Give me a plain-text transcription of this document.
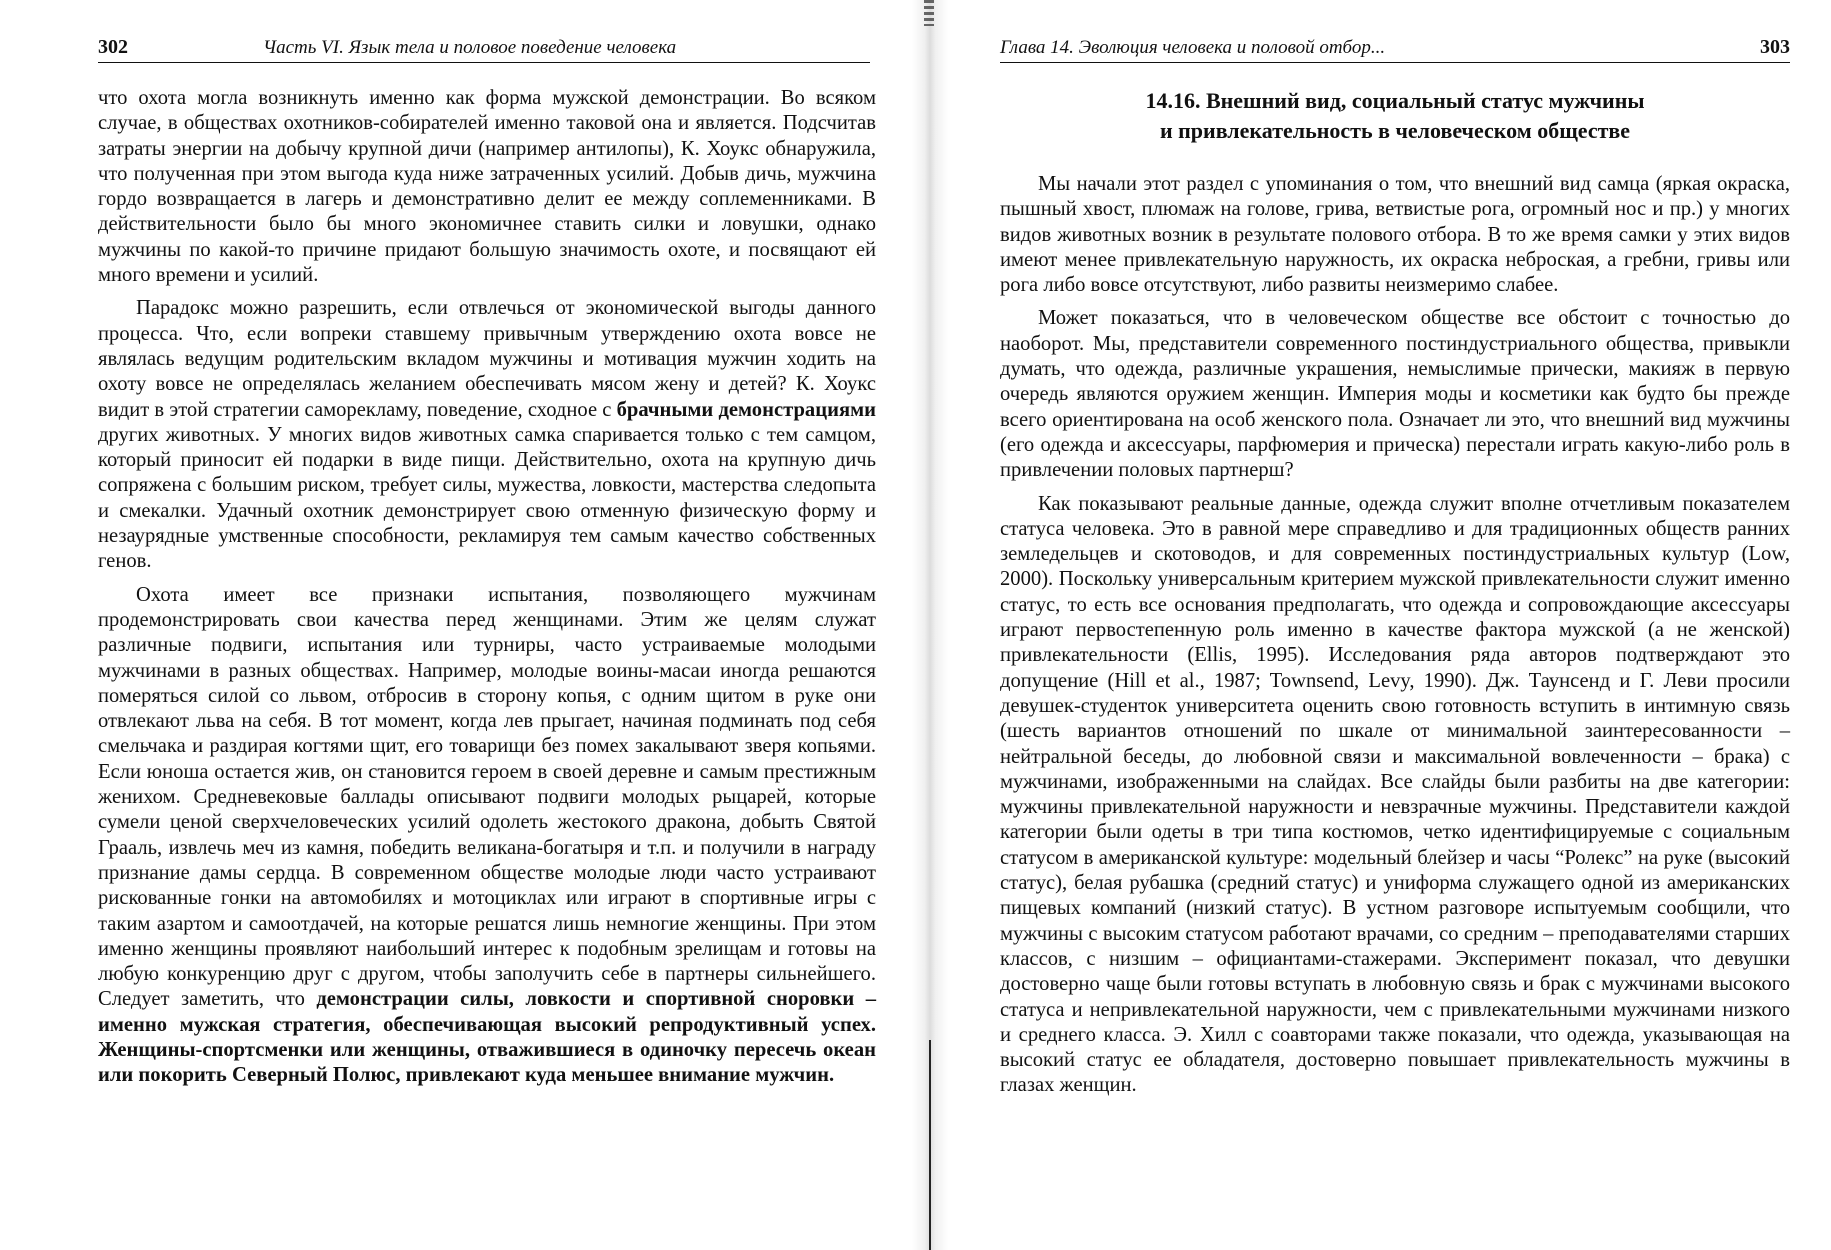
302	Часть VI. Язык тела и половое поведение человека

что охота могла возникнуть именно как форма мужской демонстрации. Во всяком случае, в обществах охотников-собирателей именно таковой она и является. Подсчитав затраты энергии на добычу крупной дичи (например антилопы), К. Хоукс обнаружила, что полученная при этом выгода куда ниже затраченных усилий. Добыв дичь, мужчина гордо возвращается в лагерь и демонстративно делит ее между соплеменниками. В действительности было бы много экономичнее ставить силки и ловушки, однако мужчины по какой-то причине придают большую значимость охоте, и посвящают ей много времени и усилий.

Парадокс можно разрешить, если отвлечься от экономической выгоды данного процесса. Что, если вопреки ставшему привычным утверждению охота вовсе не являлась ведущим родительским вкладом мужчины и мотивация мужчин ходить на охоту вовсе не определялась желанием обеспечивать мясом жену и детей? К. Хоукс видит в этой стратегии саморекламу, поведение, сходное с брачными демонстрациями других животных. У многих видов животных самка спаривается только с тем самцом, который приносит ей подарки в виде пищи. Действительно, охота на крупную дичь сопряжена с большим риском, требует силы, мужества, ловкости, мастерства следопыта и смекалки. Удачный охотник демонстрирует свою отменную физическую форму и незаурядные умственные способности, рекламируя тем самым качество собственных генов.

Охота имеет все признаки испытания, позволяющего мужчинам продемонстрировать свои качества перед женщинами. Этим же целям служат различные подвиги, испытания или турниры, часто устраиваемые молодыми мужчинами в разных обществах. Например, молодые воины-масаи иногда решаются померяться силой со львом, отбросив в сторону копья, с одним щитом в руке они отвлекают льва на себя. В тот момент, когда лев прыгает, начиная подминать под себя смельчака и раздирая когтями щит, его товарищи без помех закалывают зверя копьями. Если юноша остается жив, он становится героем в своей деревне и самым престижным женихом. Средневековые баллады описывают подвиги молодых рыцарей, которые сумели ценой сверхчеловеческих усилий одолеть жестокого дракона, добыть Святой Грааль, извлечь меч из камня, победить великана-богатыря и т.п. и получили в награду признание дамы сердца. В современном обществе молодые люди часто устраивают рискованные гонки на автомобилях и мотоциклах или играют в спортивные игры с таким азартом и самоотдачей, на которые решатся лишь немногие женщины. При этом именно женщины проявляют наибольший интерес к подобным зрелищам и готовы на любую конкуренцию друг с другом, чтобы заполучить себе в партнеры сильнейшего. Следует заметить, что демонстрации силы, ловкости и спортивной сноровки – именно мужская стратегия, обеспечивающая высокий репродуктивный успех. Женщины-спортсменки или женщины, отважившиеся в одиночку пересечь океан или покорить Северный Полюс, привлекают куда меньшее внимание мужчин.

Глава 14. Эволюция человека и половой отбор...	303
14.16. Внешний вид, социальный статус мужчины
и привлекательность в человеческом обществе

Мы начали этот раздел с упоминания о том, что внешний вид самца (яркая окраска, пышный хвост, плюмаж на голове, грива, ветвистые рога, огромный нос и пр.) у многих видов животных возник в результате полового отбора. В то же время самки у этих видов имеют менее привлекательную наружность, их окраска неброская, а гребни, гривы или рога либо вовсе отсутствуют, либо развиты неизмеримо слабее.

Может показаться, что в человеческом обществе все обстоит с точностью до наоборот. Мы, представители современного постиндустриального общества, привыкли думать, что одежда, различные украшения, немыслимые прически, макияж в первую очередь являются оружием женщин. Империя моды и косметики как будто бы прежде всего ориентирована на особ женского пола. Означает ли это, что внешний вид мужчины (его одежда и аксессуары, парфюмерия и прическа) перестали играть какую-либо роль в привлечении половых партнерш?

Как показывают реальные данные, одежда служит вполне отчетливым показателем статуса человека. Это в равной мере справедливо и для традиционных обществ ранних земледельцев и скотоводов, и для современных постиндустриальных культур (Low, 2000). Поскольку универсальным критерием мужской привлекательности служит именно статус, то есть все основания предполагать, что одежда и сопровождающие аксессуары играют первостепенную роль именно в качестве фактора мужской (а не женской) привлекательности (Ellis, 1995). Исследования ряда авторов подтверждают это допущение (Hill et al., 1987; Townsend, Levy, 1990). Дж. Таунсенд и Г. Леви просили девушек-студенток университета оценить свою готовность вступить в интимную связь (шесть вариантов отношений по шкале от минимальной заинтересованности – нейтральной беседы, до любовной связи и максимальной вовлеченности – брака) с мужчинами, изображенными на слайдах. Все слайды были разбиты на две категории: мужчины привлекательной наружности и невзрачные мужчины. Представители каждой категории были одеты в три типа костюмов, четко идентифицируемые с социальным статусом в американской культуре: модельный блейзер и часы “Ролекс” на руке (высокий статус), белая рубашка (средний статус) и униформа служащего одной из американских пищевых компаний (низкий статус). В устном разговоре испытуемым сообщили, что мужчины с высоким статусом работают врачами, со средним – преподавателями старших классов, с низшим – официантами-стажерами. Эксперимент показал, что девушки достоверно чаще были готовы вступать в любовную связь и брак с мужчинами высокого статуса и непривлекательной наружности, чем с привлекательными мужчинами низкого и среднего класса. Э. Хилл с соавторами также показали, что одежда, указывающая на высокий статус ее обладателя, достоверно повышает привлекательность мужчины в глазах женщин.
